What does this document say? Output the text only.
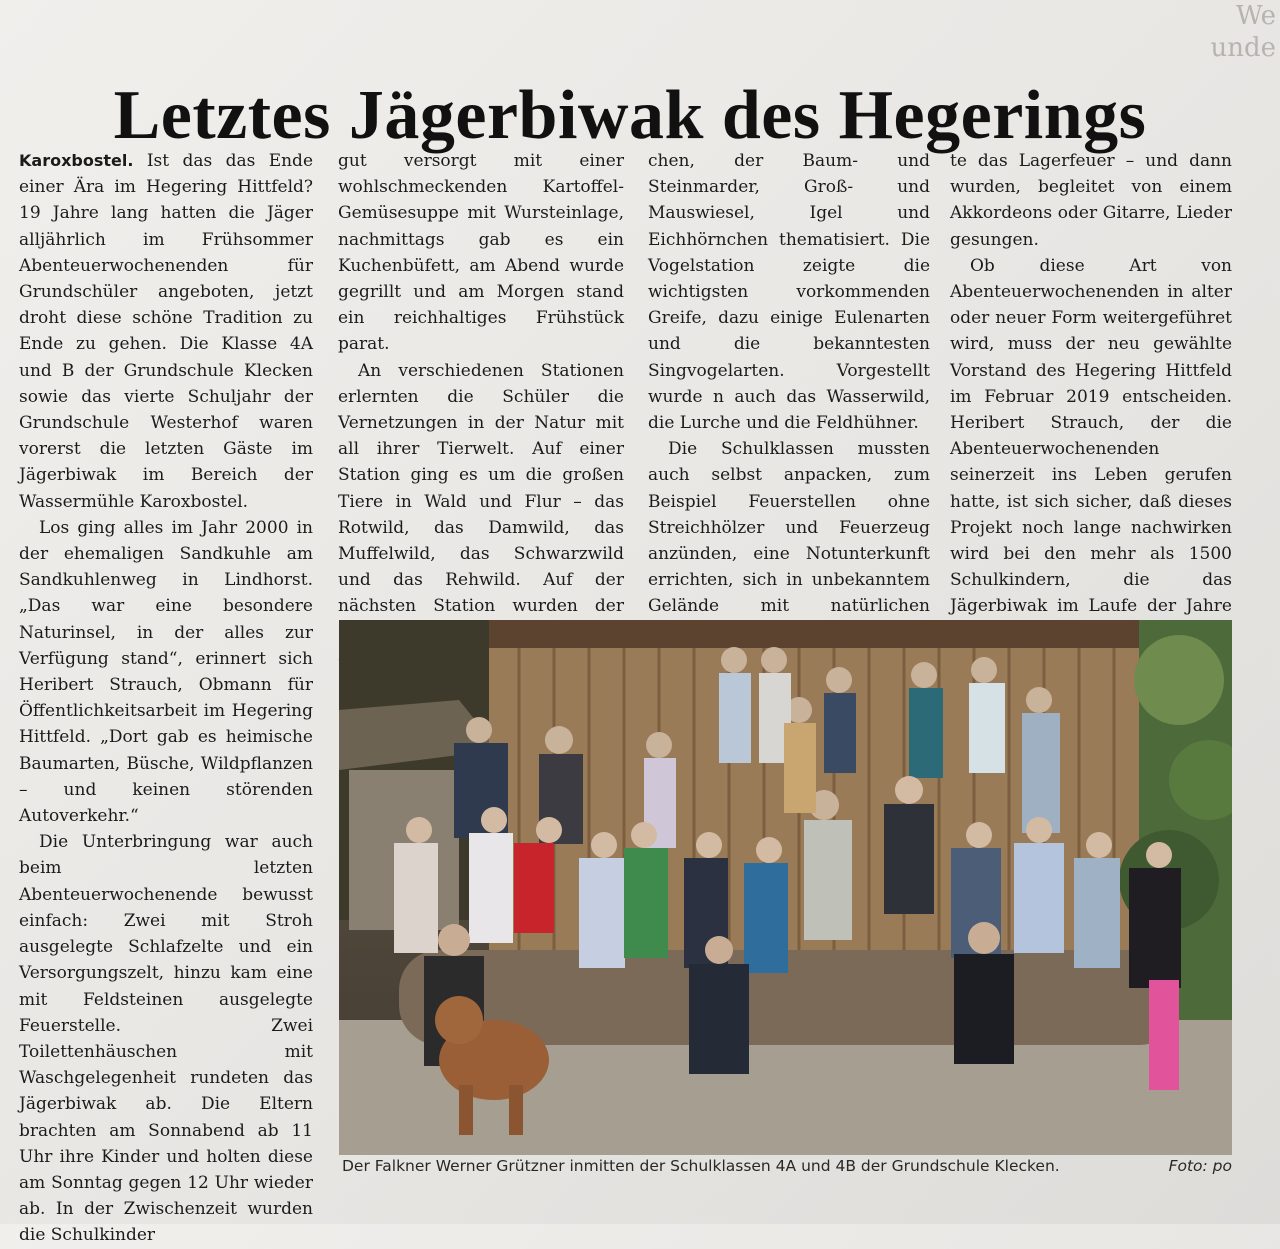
We
unde
Letztes Jägerbiwak des Hegerings

Karoxbostel. Ist das das Ende einer Ära im Hegering Hittfeld? 19 Jahre lang hatten die Jäger alljährlich im Frühsommer Abenteuerwochenenden für Grundschüler angeboten, jetzt droht diese schöne Tradition zu Ende zu gehen. Die Klasse 4A und B der Grundschule Klecken sowie das vierte Schuljahr der Grundschule Westerhof waren vorerst die letzten Gäste im Jägerbiwak im Bereich der Wassermühle Karoxbostel.

Los ging alles im Jahr 2000 in der ehemaligen Sandkuhle am Sandkuhlenweg in Lindhorst. „Das war eine besondere Naturinsel, in der alles zur Verfügung stand“, erinnert sich Heribert Strauch, Obmann für Öffentlichkeitsarbeit im Hegering Hittfeld. „Dort gab es heimische Baumarten, Büsche, Wildpflanzen – und keinen störenden Autoverkehr.“

Die Unterbringung war auch beim letzten Abenteuerwochenende bewusst einfach: Zwei mit Stroh ausgelegte Schlafzelte und ein Versorgungszelt, hinzu kam eine mit Feldsteinen ausgelegte Feuerstelle. Zwei Toilettenhäuschen mit Waschgelegenheit rundeten das Jägerbiwak ab. Die Eltern brachten am Sonnabend ab 11 Uhr ihre Kinder und holten diese am Sonntag gegen 12 Uhr wieder ab. In der Zwischenzeit wurden die Schulkinder

gut versorgt mit einer wohlschmeckenden Kartoffel-Gemüsesuppe mit Wursteinlage, nachmittags gab es ein Kuchenbüfett, am Abend wurde gegrillt und am Morgen stand ein reichhaltiges Frühstück parat.

An verschiedenen Stationen erlernten die Schüler die Vernetzungen in der Natur mit all ihrer Tierwelt. Auf einer Station ging es um die großen Tiere in Wald und Flur – das Rotwild, das Damwild, das Muffelwild, das Schwarzwild und das Rehwild. Auf der nächsten Station wurden der

chen, der Baum- und Steinmarder, Groß- und Mauswiesel, Igel und Eichhörnchen thematisiert. Die Vogelstation zeigte die wichtigsten vorkommenden Greife, dazu einige Eulenarten und die bekanntesten Singvogelarten. Vorgestellt wurde n auch das Wasserwild, die Lurche und die Feldhühner.

Die Schulklassen mussten auch selbst anpacken, zum Beispiel Feuerstellen ohne Streichhölzer und Feuerzeug anzünden, eine Notunterkunft errichten, sich in unbekanntem Gelände mit natürlichen

te das Lagerfeuer – und dann wurden, begleitet von einem Akkordeons oder Gitarre, Lieder gesungen.

Ob diese Art von Abenteuerwochenenden in alter oder neuer Form weitergeführet wird, muss der neu gewählte Vorstand des Hegering Hittfeld im Februar 2019 entscheiden. Heribert Strauch, der die Abenteuerwochenenden seinerzeit ins Leben gerufen hatte, ist sich sicher, daß dieses Projekt noch lange nachwirken wird bei den mehr als 1500 Schulkindern, die das Jägerbiwak im Laufe der Jahre

Der Falkner Werner Grützner inmitten der Schulklassen 4A und 4B der Grundschule Klecken.	Foto: po
